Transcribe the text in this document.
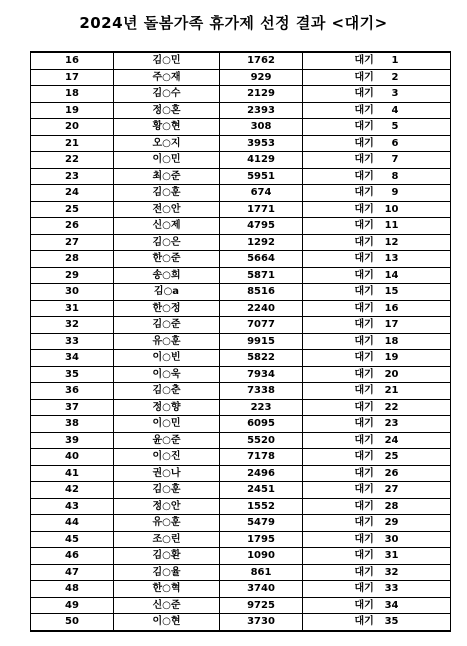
2024년 돌봄가족 휴가제 선정 결과 <대기>
16	김○민	1762	대기 1
17	주○재	929	대기 2
18	김○수	2129	대기 3
19	정○혼	2393	대기 4
20	황○현	308	대기 5
21	오○지	3953	대기 6
22	이○민	4129	대기 7
23	최○준	5951	대기 8
24	김○훈	674	대기 9
25	전○안	1771	대기 10
26	신○제	4795	대기 11
27	김○은	1292	대기 12
28	한○준	5664	대기 13
29	송○희	5871	대기 14
30	김○a	8516	대기 15
31	한○정	2240	대기 16
32	김○준	7077	대기 17
33	유○훈	9915	대기 18
34	이○빈	5822	대기 19
35	이○욱	7934	대기 20
36	김○춘	7338	대기 21
37	정○향	223	대기 22
38	이○민	6095	대기 23
39	윤○준	5520	대기 24
40	이○진	7178	대기 25
41	권○나	2496	대기 26
42	김○훈	2451	대기 27
43	정○안	1552	대기 28
44	유○훈	5479	대기 29
45	조○린	1795	대기 30
46	김○환	1090	대기 31
47	김○율	861	대기 32
48	한○혁	3740	대기 33
49	신○준	9725	대기 34
50	이○현	3730	대기 35
